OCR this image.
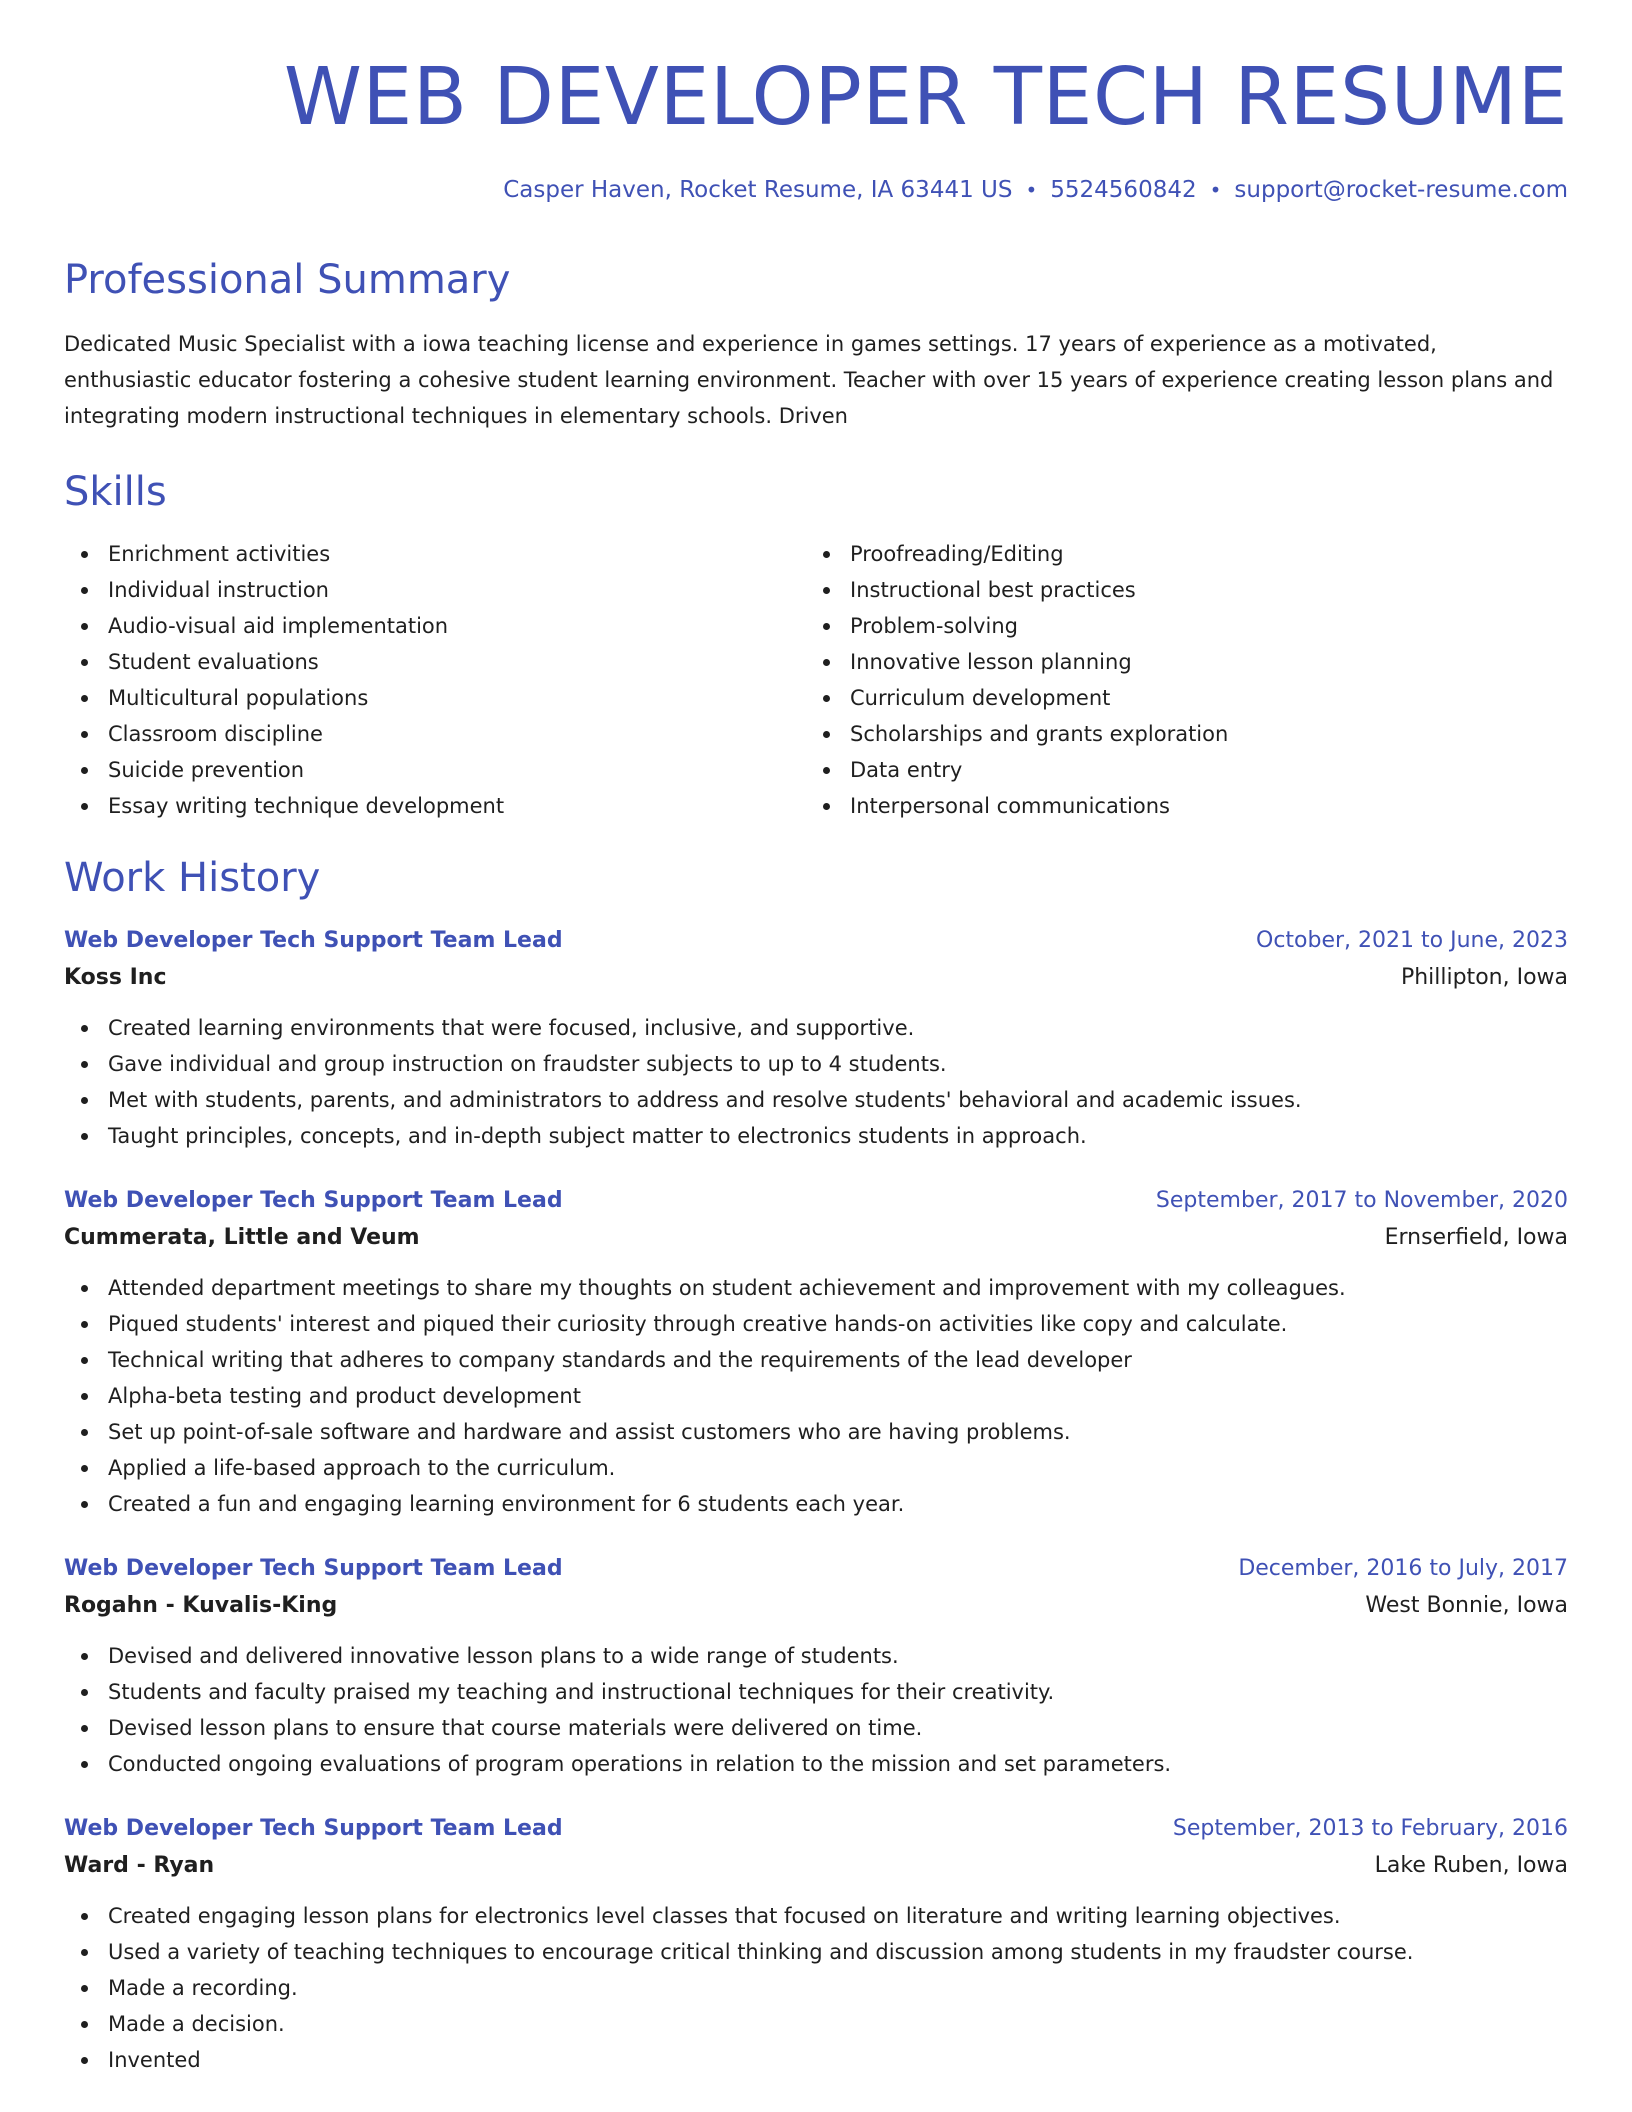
WEB DEVELOPER TECH RESUME
Casper Haven, Rocket Resume, IA 63441 US • 5524560842 • support@rocket-resume.com
Professional Summary

Dedicated Music Specialist with a iowa teaching license and experience in games settings. 17 years of experience as a motivated, enthusiastic educator fostering a cohesive student learning environment. Teacher with over 15 years of experience creating lesson plans and integrating modern instructional techniques in elementary schools. Driven

Skills
Enrichment activities
Individual instruction
Audio-visual aid implementation
Student evaluations
Multicultural populations
Classroom discipline
Suicide prevention
Essay writing technique development
Proofreading/Editing
Instructional best practices
Problem-solving
Innovative lesson planning
Curriculum development
Scholarships and grants exploration
Data entry
Interpersonal communications
Work History
Web Developer Tech Support Team Lead	October, 2021 to June, 2023
Koss Inc	Phillipton, Iowa
Created learning environments that were focused, inclusive, and supportive.
Gave individual and group instruction on fraudster subjects to up to 4 students.
Met with students, parents, and administrators to address and resolve students' behavioral and academic issues.
Taught principles, concepts, and in-depth subject matter to electronics students in approach.
Web Developer Tech Support Team Lead	September, 2017 to November, 2020
Cummerata, Little and Veum	Ernserfield, Iowa
Attended department meetings to share my thoughts on student achievement and improvement with my colleagues.
Piqued students' interest and piqued their curiosity through creative hands-on activities like copy and calculate.
Technical writing that adheres to company standards and the requirements of the lead developer
Alpha-beta testing and product development
Set up point-of-sale software and hardware and assist customers who are having problems.
Applied a life-based approach to the curriculum.
Created a fun and engaging learning environment for 6 students each year.
Web Developer Tech Support Team Lead	December, 2016 to July, 2017
Rogahn - Kuvalis-King	West Bonnie, Iowa
Devised and delivered innovative lesson plans to a wide range of students.
Students and faculty praised my teaching and instructional techniques for their creativity.
Devised lesson plans to ensure that course materials were delivered on time.
Conducted ongoing evaluations of program operations in relation to the mission and set parameters.
Web Developer Tech Support Team Lead	September, 2013 to February, 2016
Ward - Ryan	Lake Ruben, Iowa
Created engaging lesson plans for electronics level classes that focused on literature and writing learning objectives.
Used a variety of teaching techniques to encourage critical thinking and discussion among students in my fraudster course.
Made a recording.
Made a decision.
Invented
